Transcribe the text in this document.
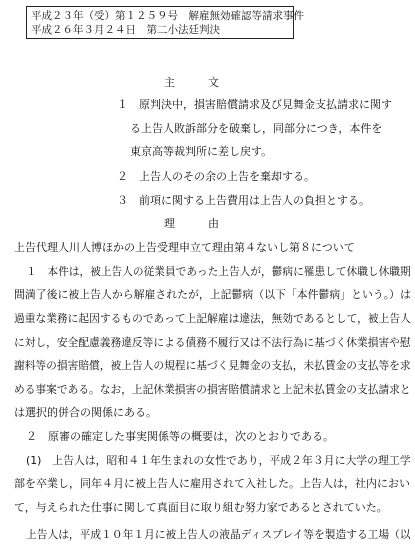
平成２３年（受）第１２５９号　解雇無効確認等請求事件
平成２６年３月２４日　第二小法廷判決
主　　　文
１　原判決中，損害賠償請求及び見舞金支払請求に関す
る上告人敗訴部分を破棄し，同部分につき，本件を
東京高等裁判所に差し戻す。
２　上告人のその余の上告を棄却する。
３　前項に関する上告費用は上告人の負担とする。
理　　　由
上告代理人川人博ほかの上告受理申立て理由第４ないし第８について
１　本件は，被上告人の従業員であった上告人が，鬱病に罹患して休職し休職期
間満了後に被上告人から解雇されたが，上記鬱病（以下「本件鬱病」という。）は
過重な業務に起因するものであって上記解雇は違法，無効であるとして，被上告人
に対し，安全配慮義務違反等による債務不履行又は不法行為に基づく休業損害や慰
謝料等の損害賠償，被上告人の規程に基づく見舞金の支払，未払賃金の支払等を求
める事案である。なお，上記休業損害の損害賠償請求と上記未払賃金の支払請求と
は選択的併合の関係にある。
２　原審の確定した事実関係等の概要は，次のとおりである。
(1)　上告人は，昭和４１年生まれの女性であり，平成２年３月に大学の理工学
部を卒業し，同年４月に被上告人に雇用されて入社した。上告人は，社内におい
て，与えられた仕事に関して真面目に取り組む努力家であるとされていた。
上告人は，平成１０年１月に被上告人の液晶ディスプレイ等を製造する工場（以
